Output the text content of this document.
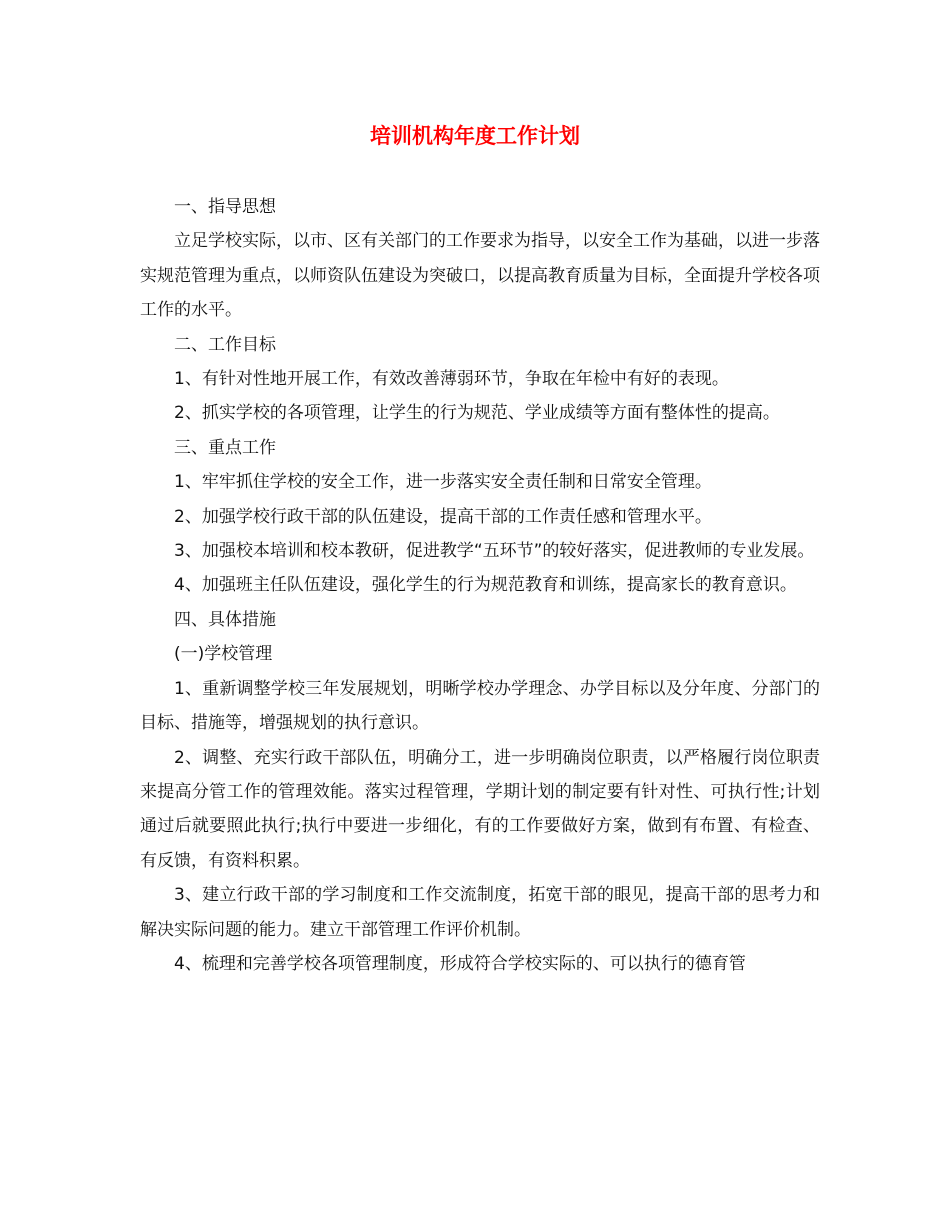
培训机构年度工作计划

一、指导思想

立足学校实际，以市、区有关部门的工作要求为指导，以安全工作为基础，以进一步落实规范管理为重点，以师资队伍建设为突破口，以提高教育质量为目标，全面提升学校各项工作的水平。

二、工作目标

1、有针对性地开展工作，有效改善薄弱环节，争取在年检中有好的表现。

2、抓实学校的各项管理，让学生的行为规范、学业成绩等方面有整体性的提高。

三、重点工作

1、牢牢抓住学校的安全工作，进一步落实安全责任制和日常安全管理。

2、加强学校行政干部的队伍建设，提高干部的工作责任感和管理水平。

3、加强校本培训和校本教研，促进教学“五环节”的较好落实，促进教师的专业发展。

4、加强班主任队伍建设，强化学生的行为规范教育和训练，提高家长的教育意识。

四、具体措施

(一)学校管理

1、重新调整学校三年发展规划，明晰学校办学理念、办学目标以及分年度、分部门的目标、措施等，增强规划的执行意识。

2、调整、充实行政干部队伍，明确分工，进一步明确岗位职责，以严格履行岗位职责来提高分管工作的管理效能。落实过程管理，学期计划的制定要有针对性、可执行性;计划通过后就要照此执行;执行中要进一步细化，有的工作要做好方案，做到有布置、有检查、有反馈，有资料积累。

3、建立行政干部的学习制度和工作交流制度，拓宽干部的眼见，提高干部的思考力和解决实际问题的能力。建立干部管理工作评价机制。

4、梳理和完善学校各项管理制度，形成符合学校实际的、可以执行的德育管
